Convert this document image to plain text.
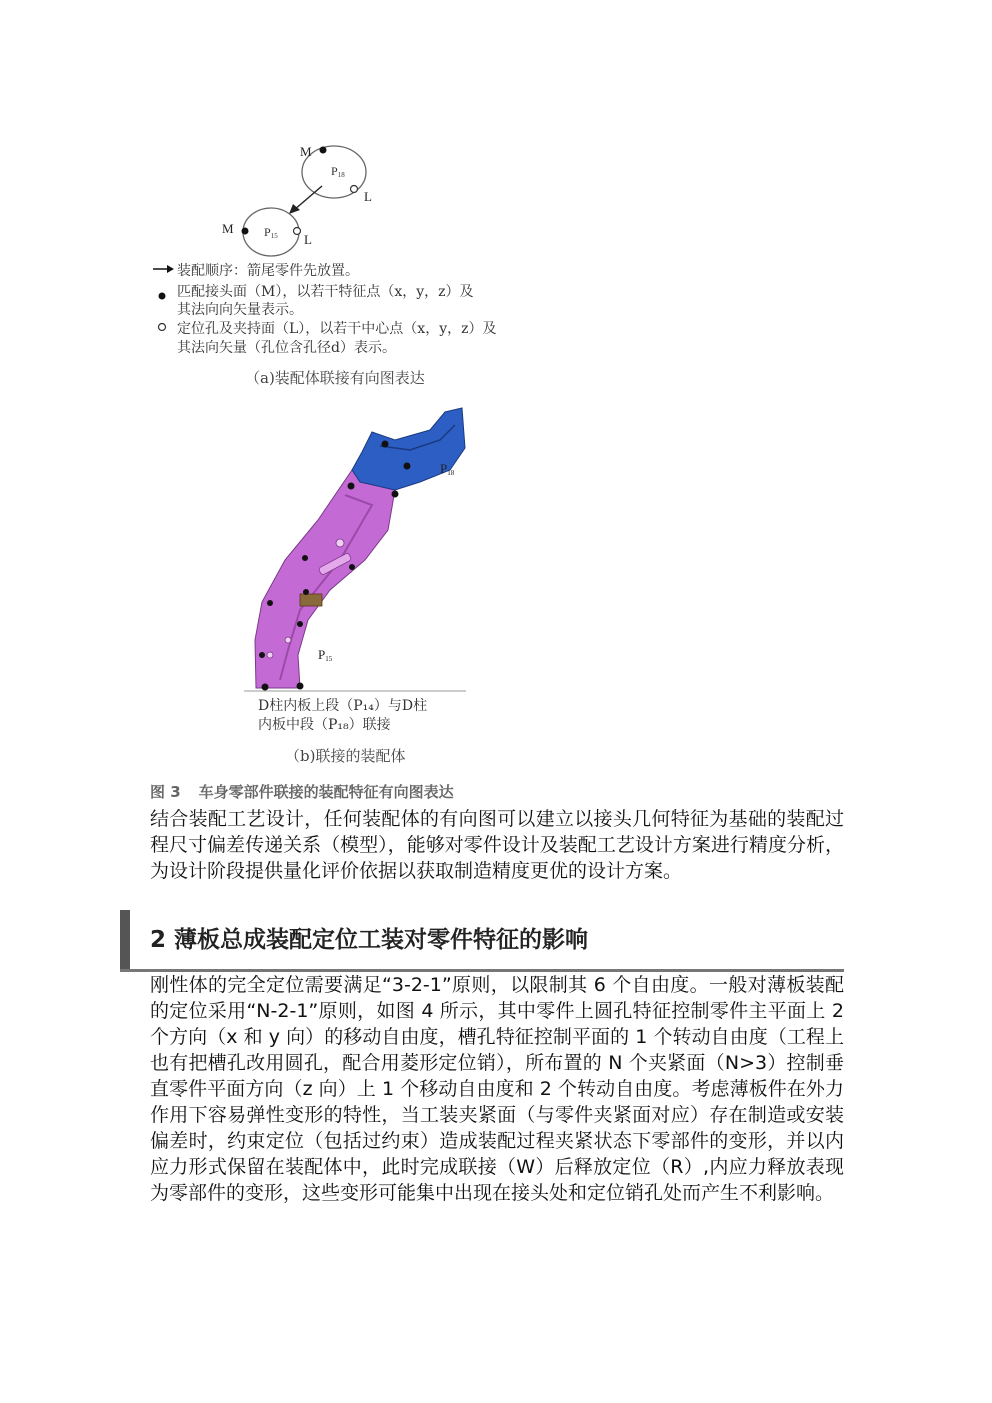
M
L
P18
M
L
P15
装配顺序：箭尾零件先放置。
匹配接头面（M），以若干特征点（x，y，z）及
其法向向矢量表示。
定位孔及夹持面（L），以若干中心点（x，y，z）及
其法向矢量（孔位含孔径d）表示。
（a)装配体联接有向图表达
P18
P15
D柱内板上段（P₁₄）与D柱
内板中段（P₁₈）联接
（b)联接的装配体
图 3 车身零部件联接的装配特征有向图表达
结合装配工艺设计，任何装配体的有向图可以建立以接头几何特征为基础的装配过程尺寸偏差传递关系（模型），能够对零件设计及装配工艺设计方案进行精度分析，为设计阶段提供量化评价依据以获取制造精度更优的设计方案。
2 薄板总成装配定位工装对零件特征的影响
刚性体的完全定位需要满足“3-2-1”原则，以限制其 6 个自由度。一般对薄板装配的定位采用“N-2-1”原则，如图 4 所示，其中零件上圆孔特征控制零件主平面上 2 个方向（x 和 y 向）的移动自由度，槽孔特征控制平面的 1 个转动自由度（工程上也有把槽孔改用圆孔，配合用菱形定位销），所布置的 N 个夹紧面（N>3）控制垂直零件平面方向（z 向）上 1 个移动自由度和 2 个转动自由度。考虑薄板件在外力作用下容易弹性变形的特性，当工装夹紧面（与零件夹紧面对应）存在制造或安装偏差时，约束定位（包括过约束）造成装配过程夹紧状态下零部件的变形，并以内应力形式保留在装配体中，此时完成联接（W）后释放定位（R）,内应力释放表现为零部件的变形，这些变形可能集中出现在接头处和定位销孔处而产生不利影响。
